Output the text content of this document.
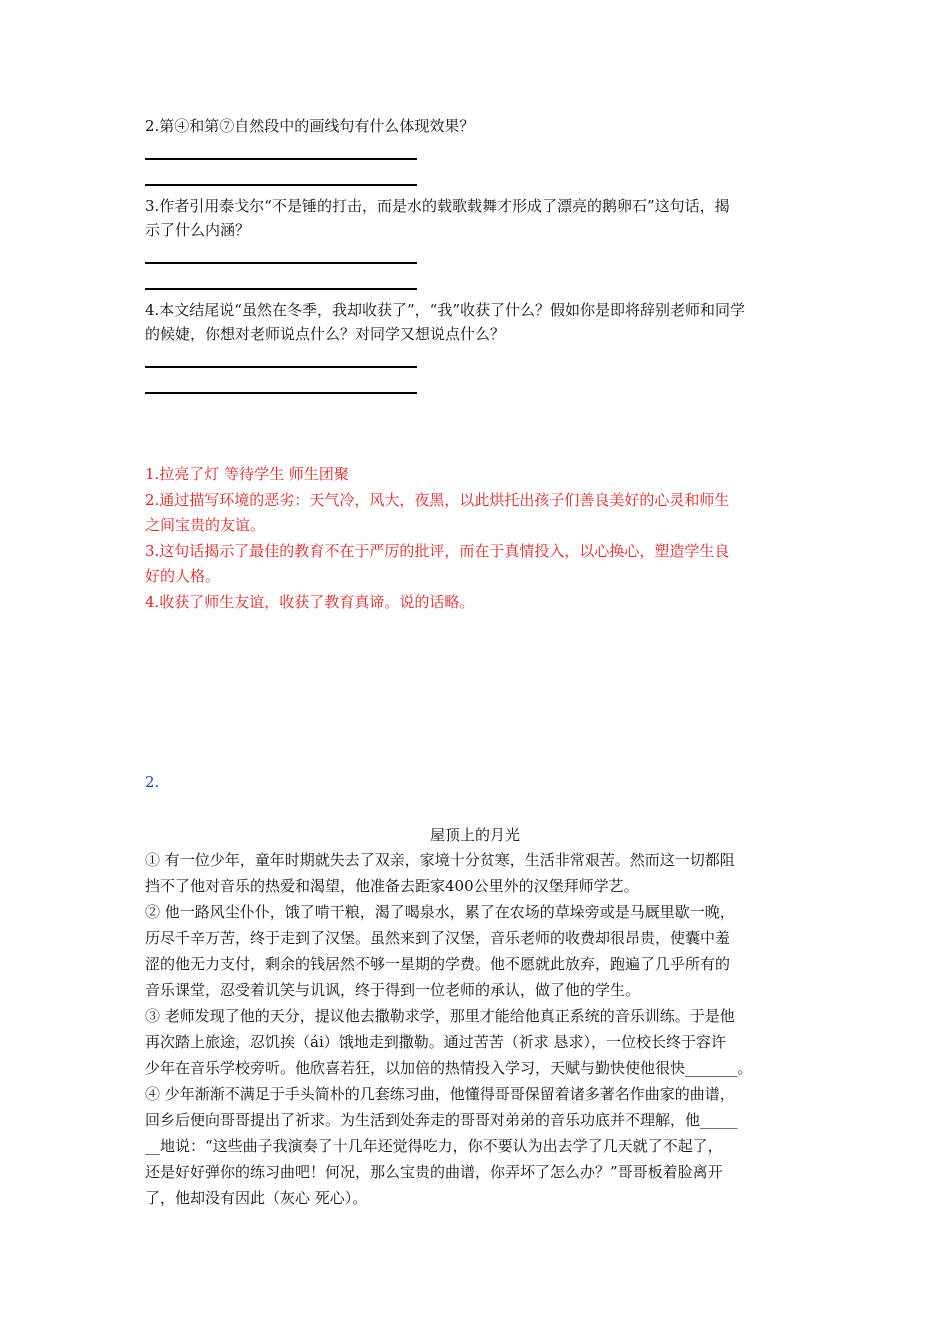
2.第④和第⑦自然段中的画线句有什么体现效果？
3.作者引用泰戈尔“不是锤的打击，而是水的载歌载舞才形成了漂亮的鹅卵石”这句话，揭
示了什么内涵？
4.本文结尾说“虽然在冬季，我却收获了”，“我”收获了什么？假如你是即将辞别老师和同学
的候婕，你想对老师说点什么？对同学又想说点什么？
1.拉亮了灯 等待学生 师生团聚
2.通过描写环境的恶劣：天气冷，风大，夜黑，以此烘托出孩子们善良美好的心灵和师生
之间宝贵的友谊。
3.这句话揭示了最佳的教育不在于严厉的批评，而在于真情投入，以心换心，塑造学生良
好的人格。
4.收获了师生友谊，收获了教育真谛。说的话略。
2.
屋顶上的月光
① 有一位少年，童年时期就失去了双亲，家境十分贫寒，生活非常艰苦。然而这一切都阻
挡不了他对音乐的热爱和渴望，他准备去距家400公里外的汉堡拜师学艺。
② 他一路风尘仆仆，饿了啃干粮，渴了喝泉水，累了在农场的草垛旁或是马厩里歇一晚，
历尽千辛万苦，终于走到了汉堡。虽然来到了汉堡，音乐老师的收费却很昂贵，使囊中羞
涩的他无力支付，剩余的钱居然不够一星期的学费。他不愿就此放弃，跑遍了几乎所有的
音乐课堂，忍受着讥笑与讥讽，终于得到一位老师的承认，做了他的学生。
③ 老师发现了他的天分，提议他去撒勒求学，那里才能给他真正系统的音乐训练。于是他
再次踏上旅途，忍饥挨（ái）饿地走到撒勒。通过苦苦（祈求 恳求），一位校长终于容许
少年在音乐学校旁听。他欣喜若狂，以加倍的热情投入学习，天赋与勤快使他很快_______。
④ 少年渐渐不满足于手头简朴的几套练习曲，他懂得哥哥保留着诸多著名作曲家的曲谱，
回乡后便向哥哥提出了祈求。为生活到处奔走的哥哥对弟弟的音乐功底并不理解，他_____
__地说：“这些曲子我演奏了十几年还觉得吃力，你不要认为出去学了几天就了不起了，
还是好好弹你的练习曲吧！何况，那么宝贵的曲谱，你弄坏了怎么办？”哥哥板着脸离开
了，他却没有因此（灰心 死心）。
